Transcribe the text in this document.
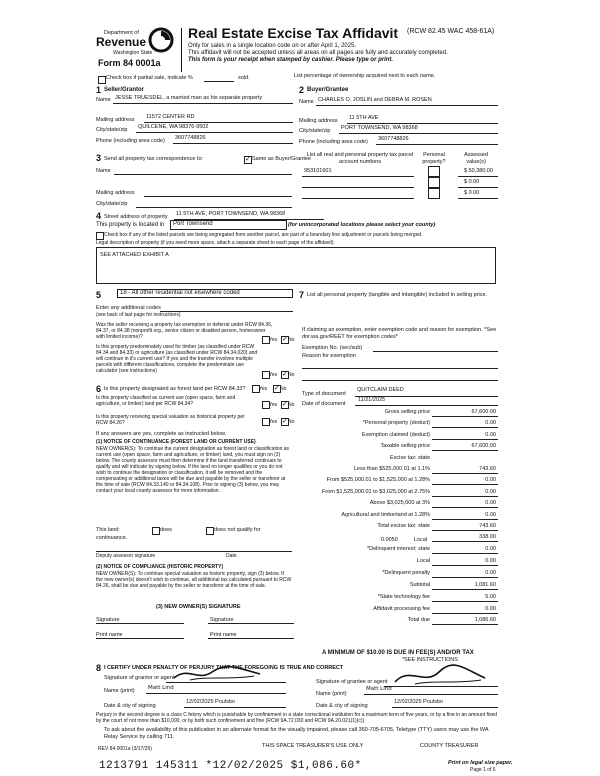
Department of
Revenue
Washington State
Form 84 0001a
Real Estate Excise Tax Affidavit (RCW 82.45 WAC 458-61A)
Only for sales in a single location code on or after April 1, 2025.
This affidavit will not be accepted unless all areas on all pages are fully and accurately completed.
This form is your receipt when stamped by cashier. Please type or print.
Check box if partial sale, indicate %	sold.	List percentage of ownership acquired next to each name.
1 Seller/Grantor
Name JESSE TRUESDEL, a married man as his separate property
Mailing address 11572 CENTER RD
City/state/zip QUILCENE, WA 98376-9502
Phone (including area code) 3607748826
2 Buyer/Grantee
Name CHARLES O. JOSLIN and DEBRA M. ROSEN
Mailing address 11 5TH AVE
City/state/zip PORT TOWNSEND, WA 98368
Phone (including area code) 3607748826
3 Send all property tax correspondence to: ✓	Same as Buyer/Grantee
Name
Mailing address
City/state/zip
List all real and personal property tax parcel account numbers
Personal property?
Assessed value(s)
953101601	$ 50,380.00
$ 0.00
$ 0.00
4 Street address of property 11 5TH AVE, PORT TOWNSEND, WA 98368
This property is located in	Port Townsend	(for unincorporated locations please select your county)
Check box if any of the listed parcels are being segregated from another parcel, are part of a boundary line adjustment or parcels being merged.
Legal description of property (if you need more space, attach a separate sheet to each page of the affidavit).
SEE ATTACHED EXHIBIT A
5	18 - All other residential not elsewhere coded
Enter any additional codes
(see back of last page for instructions)
Was the seller receiving a property tax exemption or deferral under RCW 84.36, 84.37, or 84.38 (nonprofit org., senior citizen or disabled person, homeowner with limited income)?	Yes ✓ No
Is this property predominately used for timber (as classified under RCW 84.34 and 84.33) or agriculture (as classified under RCW 84.34.020) and will continue in it's current use? If yes and the transfer involves multiple parcels with different classifications, complete the predominate use calculator (see instructions)
Yes ✓ No
6 Is this property designated as forest land per RCW 84.33?	Yes ✓	No
Is this property classified as current use (open space, farm and agriculture, or timber) land per RCW 84.34?	Yes ✓ No
Is this property receiving special valuation as historical property per RCW 84.26?	Yes ✓ No
If any answers are yes, complete as instructed below.
(1) NOTICE OF CONTINUANCE (FOREST LAND OR CURRENT USE)
NEW OWNER(S): To continue the current designation as forest land or classification as current use (open space, farm and agriculture, or timber) land, you must sign on (3) below. The county assessor must then determine if the land transferred continues to qualify and will indicate by signing below. If the land no longer qualifies or you do not wish to continue the designation or classification, it will be removed and the compensating or additional taxes will be due and payable by the seller or transferor at the time of sale (RCW 84.33.140 or 84.34.108). Prior to signing (3) below, you may contact your local county assessor for more information.
This land:	does	does not qualify for
continuance.
Deputy assessor signature	Date
(2) NOTICE OF COMPLIANCE (HISTORIC PROPERTY)
NEW OWNER(S): To continue special valuation as historic property, sign (3) below. If the new owner(s) doesn't wish to continue, all additional tax calculated pursuant to RCW 84.26, shall be due and payable by the seller or transferor at the time of sale.
(3) NEW OWNER(S) SIGNATURE
Signature	Signature
Print name	Print name
7 List all personal property (tangible and intangible) included in selling price.
If claiming an exemption, enter exemption code and reason for exemption. *See dor.wa.gov/REET for exemption codes*
Exemption No. (sec/sub)
Reason for exemption
Type of document
QUITCLAIM DEED
Date of document
11/21/2025
Gross selling price	67,600.00
*Personal property (deduct)	0.00
Exemption claimed (deduct)	0.00
Taxable selling price	67,600.00
Excise tax: state
Less than $525,000.01 at 1.1%	743.60
From $525,000.01 to $1,525,000 at 1.28%	0.00
From $1,525,000.01 to $3,025,000 at 2.75%	0.00
Above $3,025,000 at 3%	0.00
Agricultural and timberland at 1.28%	0.00
Total excise tax: state	743.60
0.0050	Local	338.00
*Delinquent interest: state	0.00
Local	0.00
*Delinquent penalty	0.00
Subtotal	1,081.60
*State technology fee	5.00
Affidavit processing fee	0.00
Total due	1,086.60
A MINIMUM OF $10.00 IS DUE IN FEE(S) AND/OR TAX
*SEE INSTRUCTIONS
8 I CERTIFY UNDER PENALTY OF PERJURY THAT THE FOREGOING IS TRUE AND CORRECT
Signature of grantor or agent
Name (print) Matt Lind
Date & city of signing
12/02/2025 Poulsbo
Signature of grantee or agent
Name (print)
Matt Lind
Date & city of signing
12/02/2025 Poulsbo
Perjury in the second degree is a class C felony which is punishable by confinement in a state correctional institution for a maximum term of five years, or by a fine in an amount fixed by the court of not more than $10,000, or by both such confinement and fine (RCW 9A.72.030 and RCW 9A.20.021(1)(c)).
To ask about the availability of this publication in an alternate format for the visually impaired, please call 360-705-6705. Teletype (TTY) users may use the WA Relay Service by calling 711.
REV 84 0001a (3/17/25)	THIS SPACE TREASURER'S USE ONLY	COUNTY TREASURER
1213791 145311 *12/02/2025 $1,086.60*	Print on legal size paper.
Page 1 of 6
